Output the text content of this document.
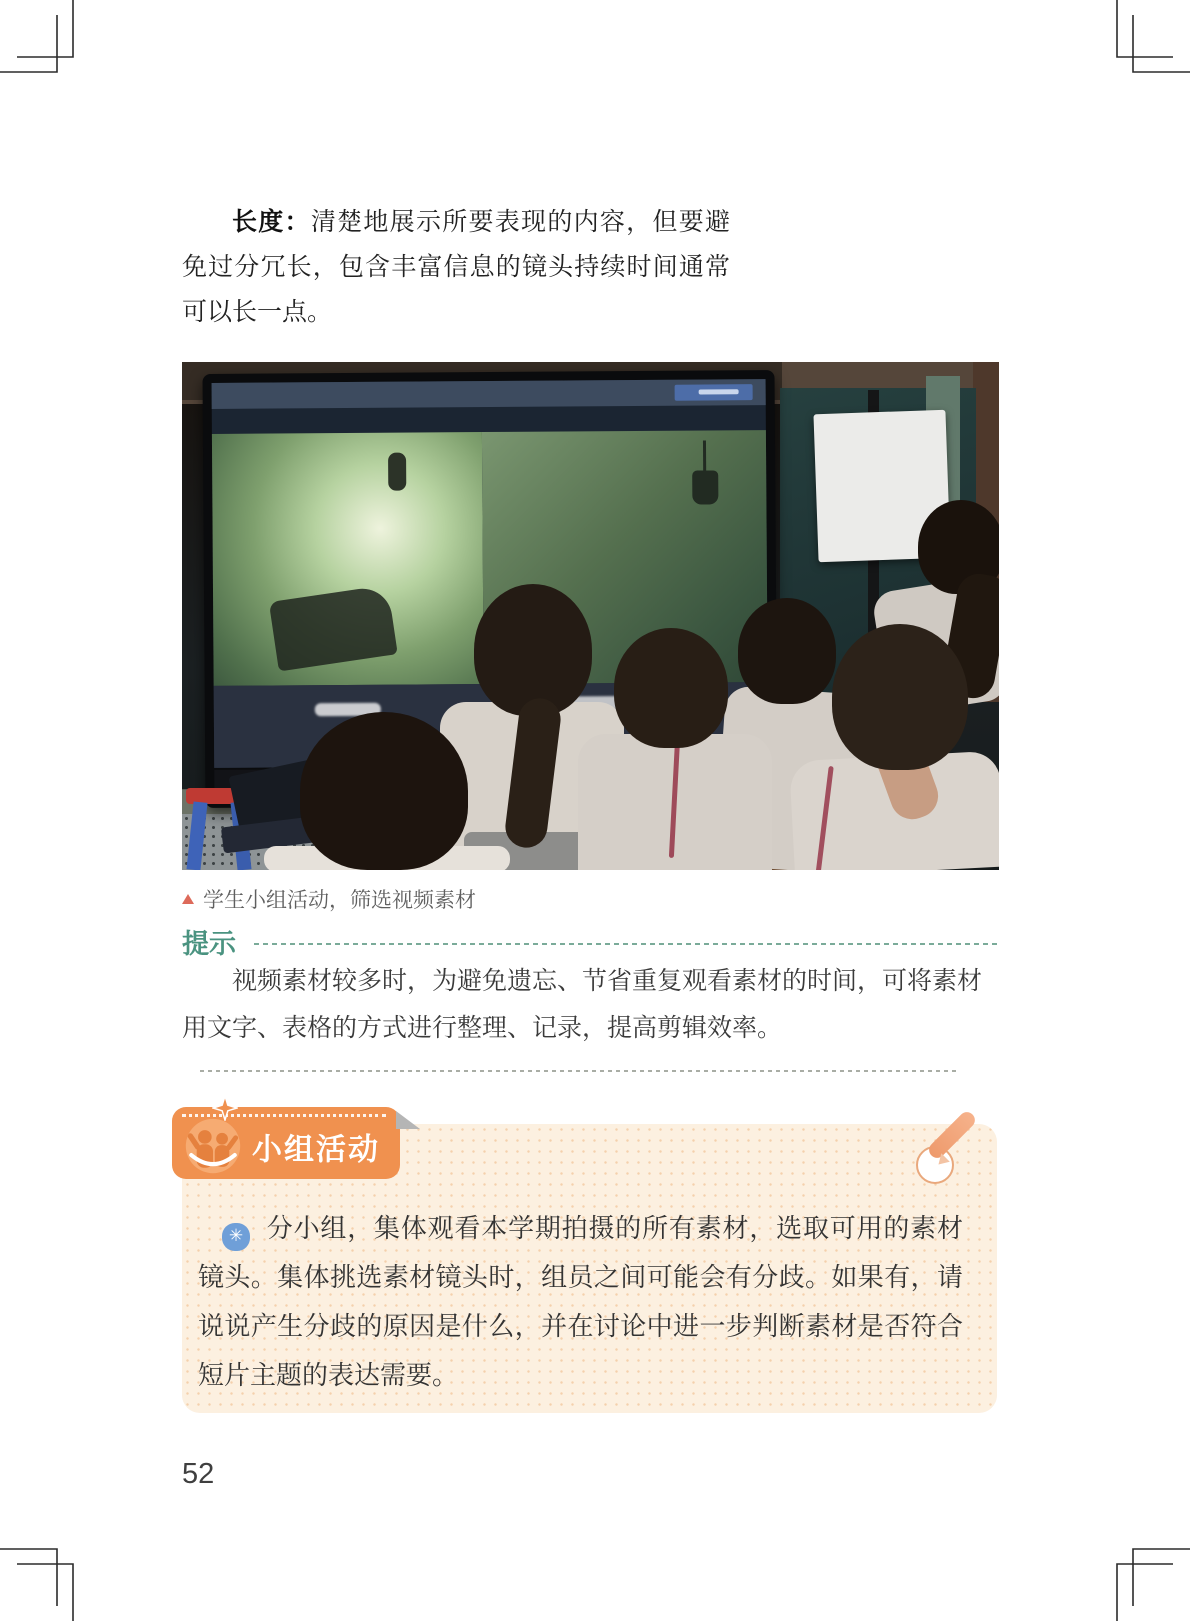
长度：清楚地展示所要表现的内容，但要避免过分冗长，包含丰富信息的镜头持续时间通常可以长一点。

学生小组活动，筛选视频素材
提示

视频素材较多时，为避免遗忘、节省重复观看素材的时间，可将素材用文字、表格的方式进行整理、记录，提高剪辑效率。

✳ 分小组，集体观看本学期拍摄的所有素材，选取可用的素材镜头。集体挑选素材镜头时，组员之间可能会有分歧。如果有，请说说产生分歧的原因是什么，并在讨论中进一步判断素材是否符合短片主题的表达需要。

小组活动
52
